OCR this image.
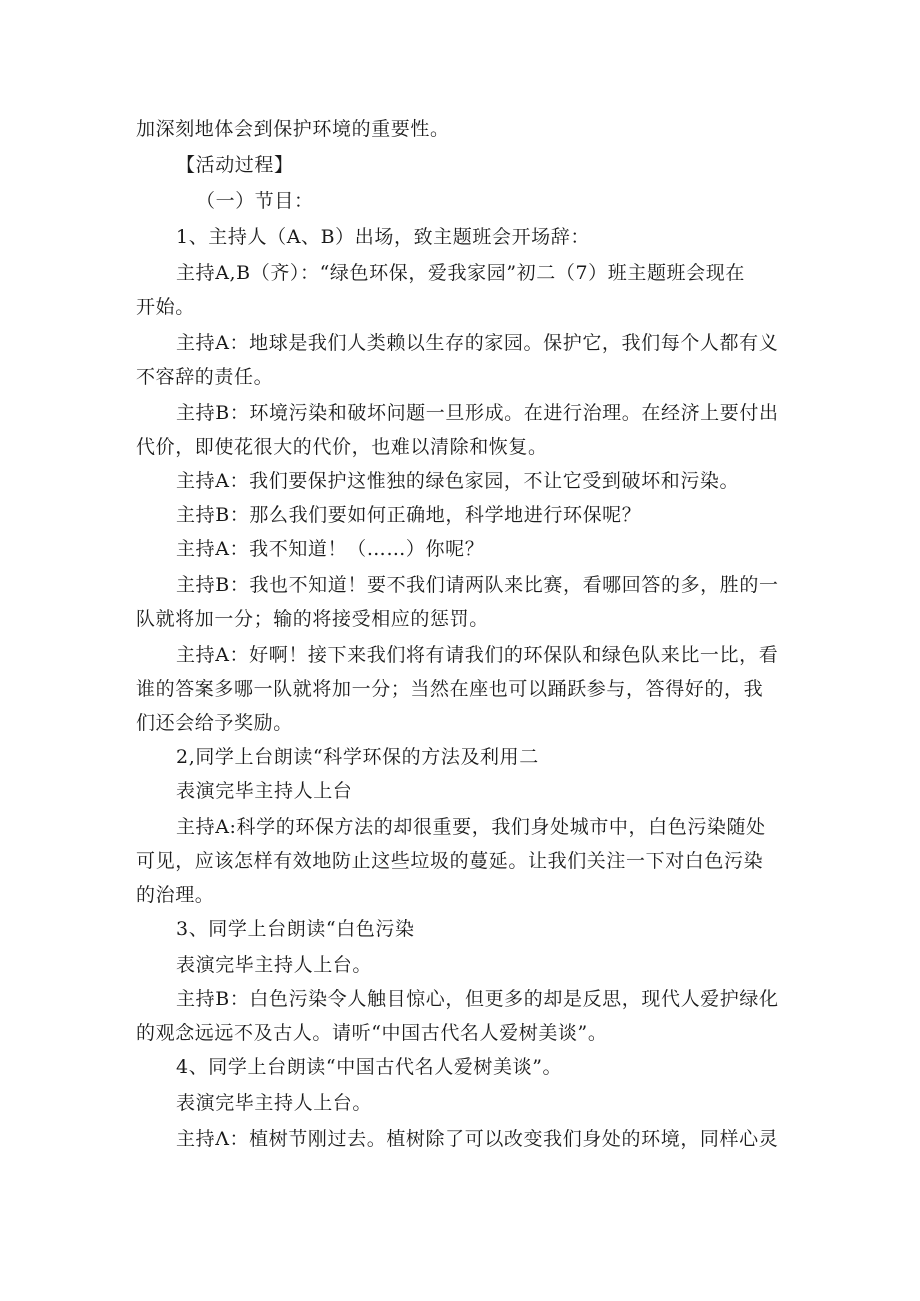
加深刻地体会到保护环境的重要性。
【活动过程】
（一）节目：
1、主持人（A、B）出场，致主题班会开场辞：
主持A,B（齐）：“绿色环保，爱我家园”初二（7）班主题班会现在
开始。
主持A：地球是我们人类赖以生存的家园。保护它，我们每个人都有义
不容辞的责任。
主持B：环境污染和破坏问题一旦形成。在进行治理。在经济上要付出
代价，即使花很大的代价，也难以清除和恢复。
主持A：我们要保护这惟独的绿色家园，不让它受到破坏和污染。
主持B：那么我们要如何正确地，科学地进行环保呢？
主持A：我不知道！（……）你呢？
主持B：我也不知道！要不我们请两队来比赛，看哪回答的多，胜的一
队就将加一分；输的将接受相应的惩罚。
主持A：好啊！接下来我们将有请我们的环保队和绿色队来比一比，看
谁的答案多哪一队就将加一分；当然在座也可以踊跃参与，答得好的，我
们还会给予奖励。
2,同学上台朗读“科学环保的方法及利用二
表演完毕主持人上台
主持A:科学的环保方法的却很重要，我们身处城市中，白色污染随处
可见，应该怎样有效地防止这些垃圾的蔓延。让我们关注一下对白色污染
的治理。
3、同学上台朗读“白色污染
表演完毕主持人上台。
主持B：白色污染令人触目惊心，但更多的却是反思，现代人爱护绿化
的观念远远不及古人。请听“中国古代名人爱树美谈”。
4、同学上台朗读“中国古代名人爱树美谈”。
表演完毕主持人上台。
主持Λ：植树节刚过去。植树除了可以改变我们身处的环境，同样心灵
